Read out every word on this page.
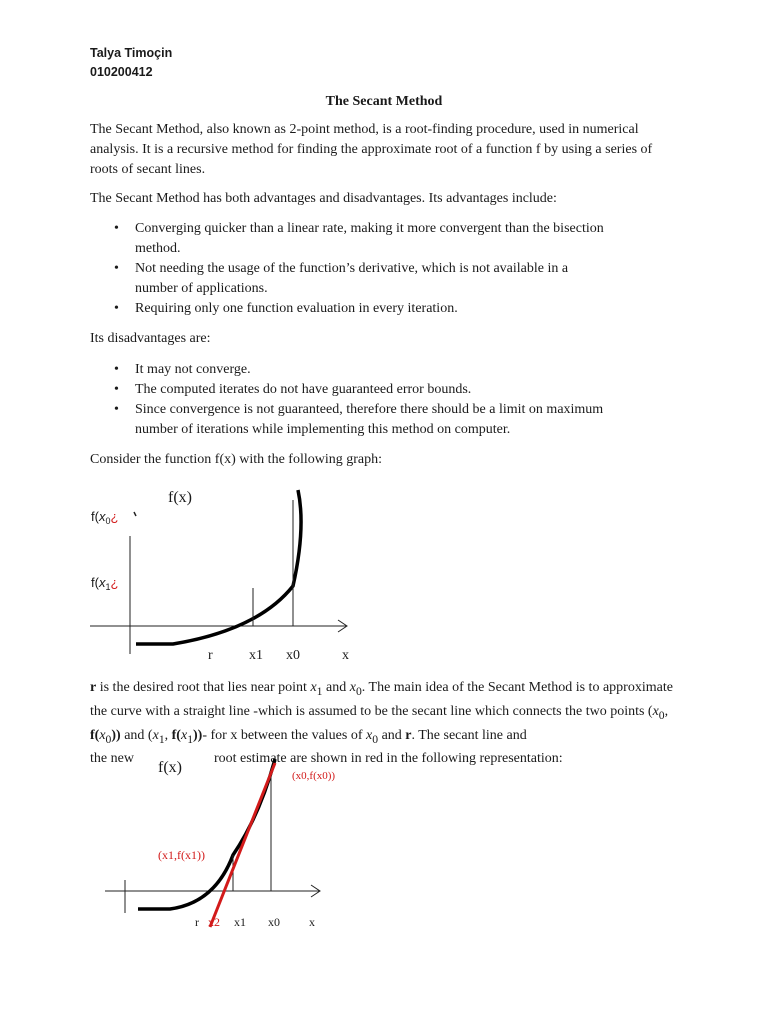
Talya Timoçin
010200412
The Secant Method
The Secant Method, also known as 2-point method, is a root-finding procedure, used in numerical analysis. It is a recursive method for finding the approximate root of a function f by using a series of roots of secant lines.
The Secant Method has both advantages and disadvantages. Its advantages include:
• Converging quicker than a linear rate, making it more convergent than the bisection method.
• Not needing the usage of the function’s derivative, which is not available in a number of applications.
• Requiring only one function evaluation in every iteration.
Its disadvantages are:
• It may not converge.
• The computed iterates do not have guaranteed error bounds.
• Since convergence is not guaranteed, therefore there should be a limit on maximum number of iterations while implementing this method on computer.
Consider the function f(x) with the following graph:
f(x)
$f(x_0¿$
$f(x_1¿$
r	x1 x0	x
r is the desired root that lies near point $x_1$ and $x_0$. The main idea of the Secant Method is to approximate the curve with a straight line -which is assumed to be the secant line which connects the two points ($x_0$, $f(x_0)$) and ($x_1$, $f(x_1))-$ for x between the values of $x_0$ and r. The secant line and
the new	root estimate are shown in red in the following representation:
f(x)	(x0,f(x0))
(x1,f(x1))
r x2 x1 x0 x
